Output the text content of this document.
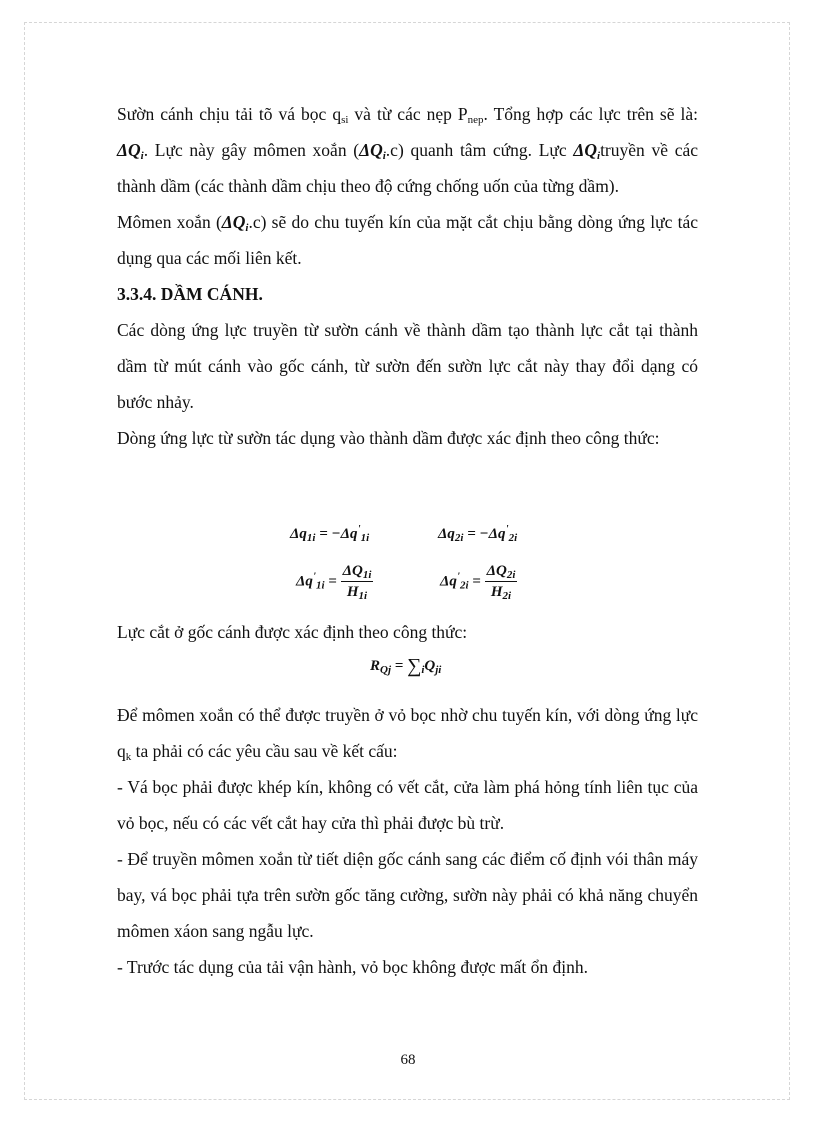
Sườn cánh chịu tải tõ vá bọc $q_{si}$ và từ các nẹp $P_{nep}$. Tổng hợp các lực trên sẽ là: $\Delta Q_i$. Lực này gây mômen xoắn $(\Delta Q_i.c)$ quanh tâm cứng. Lực $\Delta Q_itruyền$ về các thành dầm (các thành dầm chịu theo độ cứng chống uốn của từng dầm).

Mômen xoắn $(\Delta Q_i.c)$ sẽ do chu tuyến kín của mặt cắt chịu bằng dòng ứng lực tác dụng qua các mối liên kết.

3.3.4. DẦM CÁNH.

Các dòng ứng lực truyền từ sườn cánh về thành dầm tạo thành lực cắt tại thành dầm từ mút cánh vào gốc cánh, từ sườn đến sườn lực cắt này thay đổi dạng có bước nhảy.

Dòng ứng lực từ sườn tác dụng vào thành dầm được xác định theo công thức:

$\Delta q_{1i} = -\Delta q'_{1i}$	$\Delta q_{2i} = -\Delta q'_{2i}$
$\Delta q'_{1i} = \frac{\Delta Q_{1i}}{H_{1i}}$	$\Delta q'_{2i} = \frac{\Delta Q_{2i}}{H_{2i}}$

Lực cắt ở gốc cánh được xác định theo công thức:

$R_{Qj} = \sum_iQ_{ji}$

Để mômen xoắn có thể được truyền ở vỏ bọc nhờ chu tuyến kín, với dòng ứng lực $q_k$ ta phải có các yêu cầu sau về kết cấu:

- Vá bọc phải được khép kín, không có vết cắt, cửa làm phá hỏng tính liên tục của vỏ bọc, nếu có các vết cắt hay cửa thì phải được bù trừ.

- Để truyền mômen xoắn từ tiết diện gốc cánh sang các điểm cố định vói thân máy bay, vá bọc phải tựa trên sườn gốc tăng cường, sườn này phải có khả năng chuyển mômen xáon sang ngẫu lực.

- Trước tác dụng của tải vận hành, vỏ bọc không được mất ổn định.

68
